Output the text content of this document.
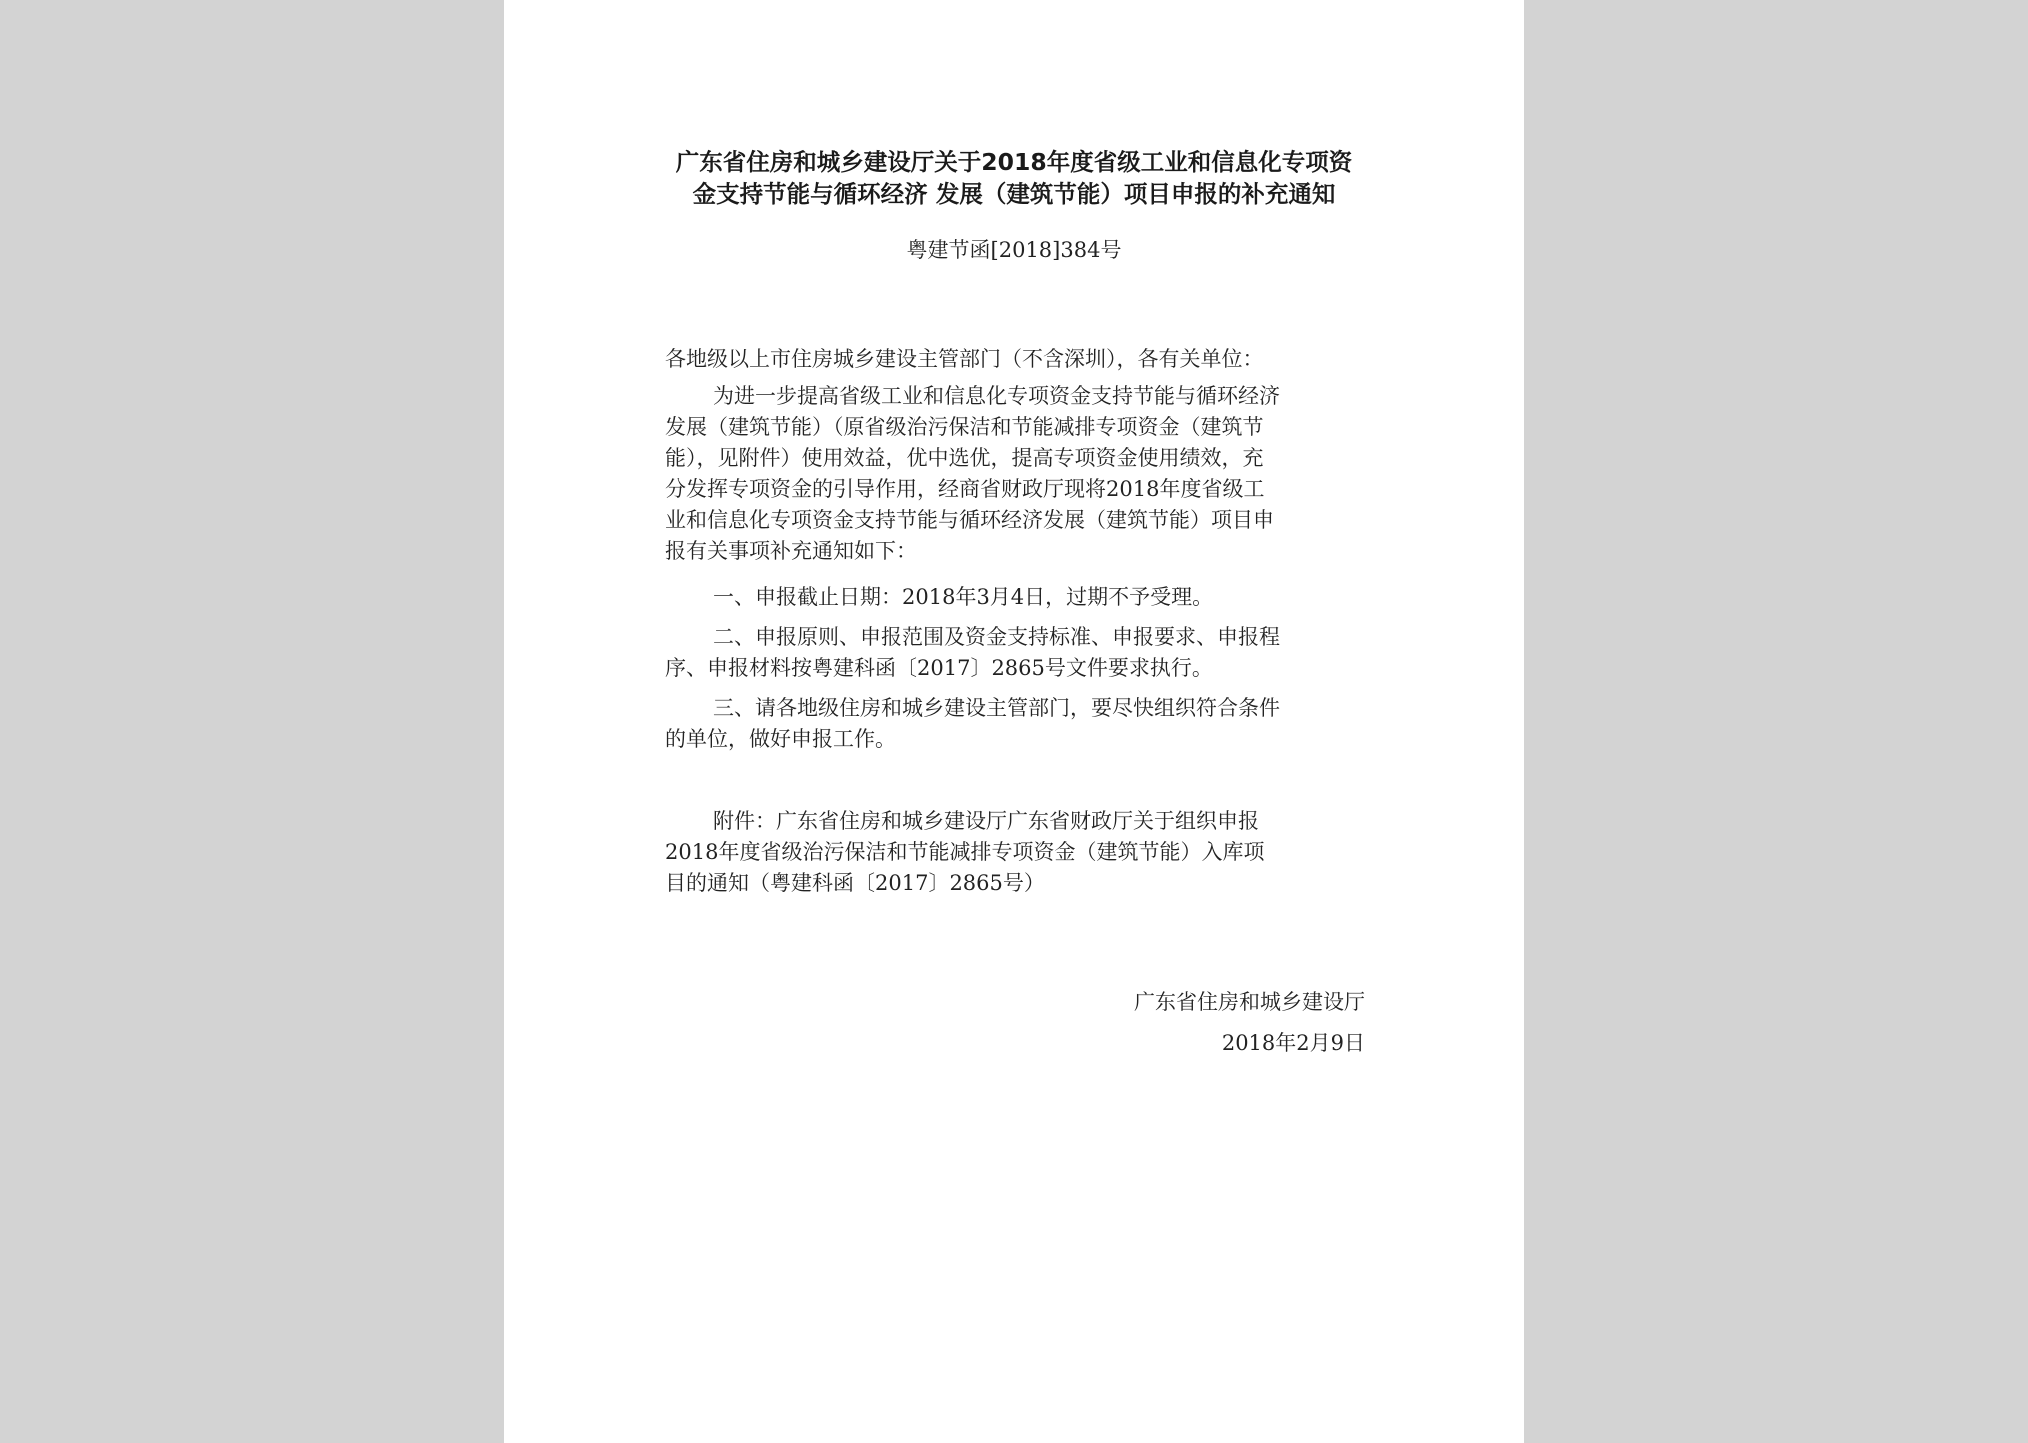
广东省住房和城乡建设厅关于2018年度省级工业和信息化专项资
金支持节能与循环经济 发展（建筑节能）项目申报的补充通知
粤建节函[2018]384号
各地级以上市住房城乡建设主管部门（不含深圳），各有关单位：
为进一步提高省级工业和信息化专项资金支持节能与循环经济
发展（建筑节能）（原省级治污保洁和节能减排专项资金（建筑节
能），见附件）使用效益，优中选优，提高专项资金使用绩效，充
分发挥专项资金的引导作用，经商省财政厅现将2018年度省级工
业和信息化专项资金支持节能与循环经济发展（建筑节能）项目申
报有关事项补充通知如下：
一、申报截止日期：2018年3月4日，过期不予受理。
二、申报原则、申报范围及资金支持标准、申报要求、申报程
序、申报材料按粤建科函〔2017〕2865号文件要求执行。
三、请各地级住房和城乡建设主管部门，要尽快组织符合条件
的单位，做好申报工作。
附件：广东省住房和城乡建设厅广东省财政厅关于组织申报
2018年度省级治污保洁和节能减排专项资金（建筑节能）入库项
目的通知（粤建科函〔2017〕2865号）
广东省住房和城乡建设厅
2018年2月9日
